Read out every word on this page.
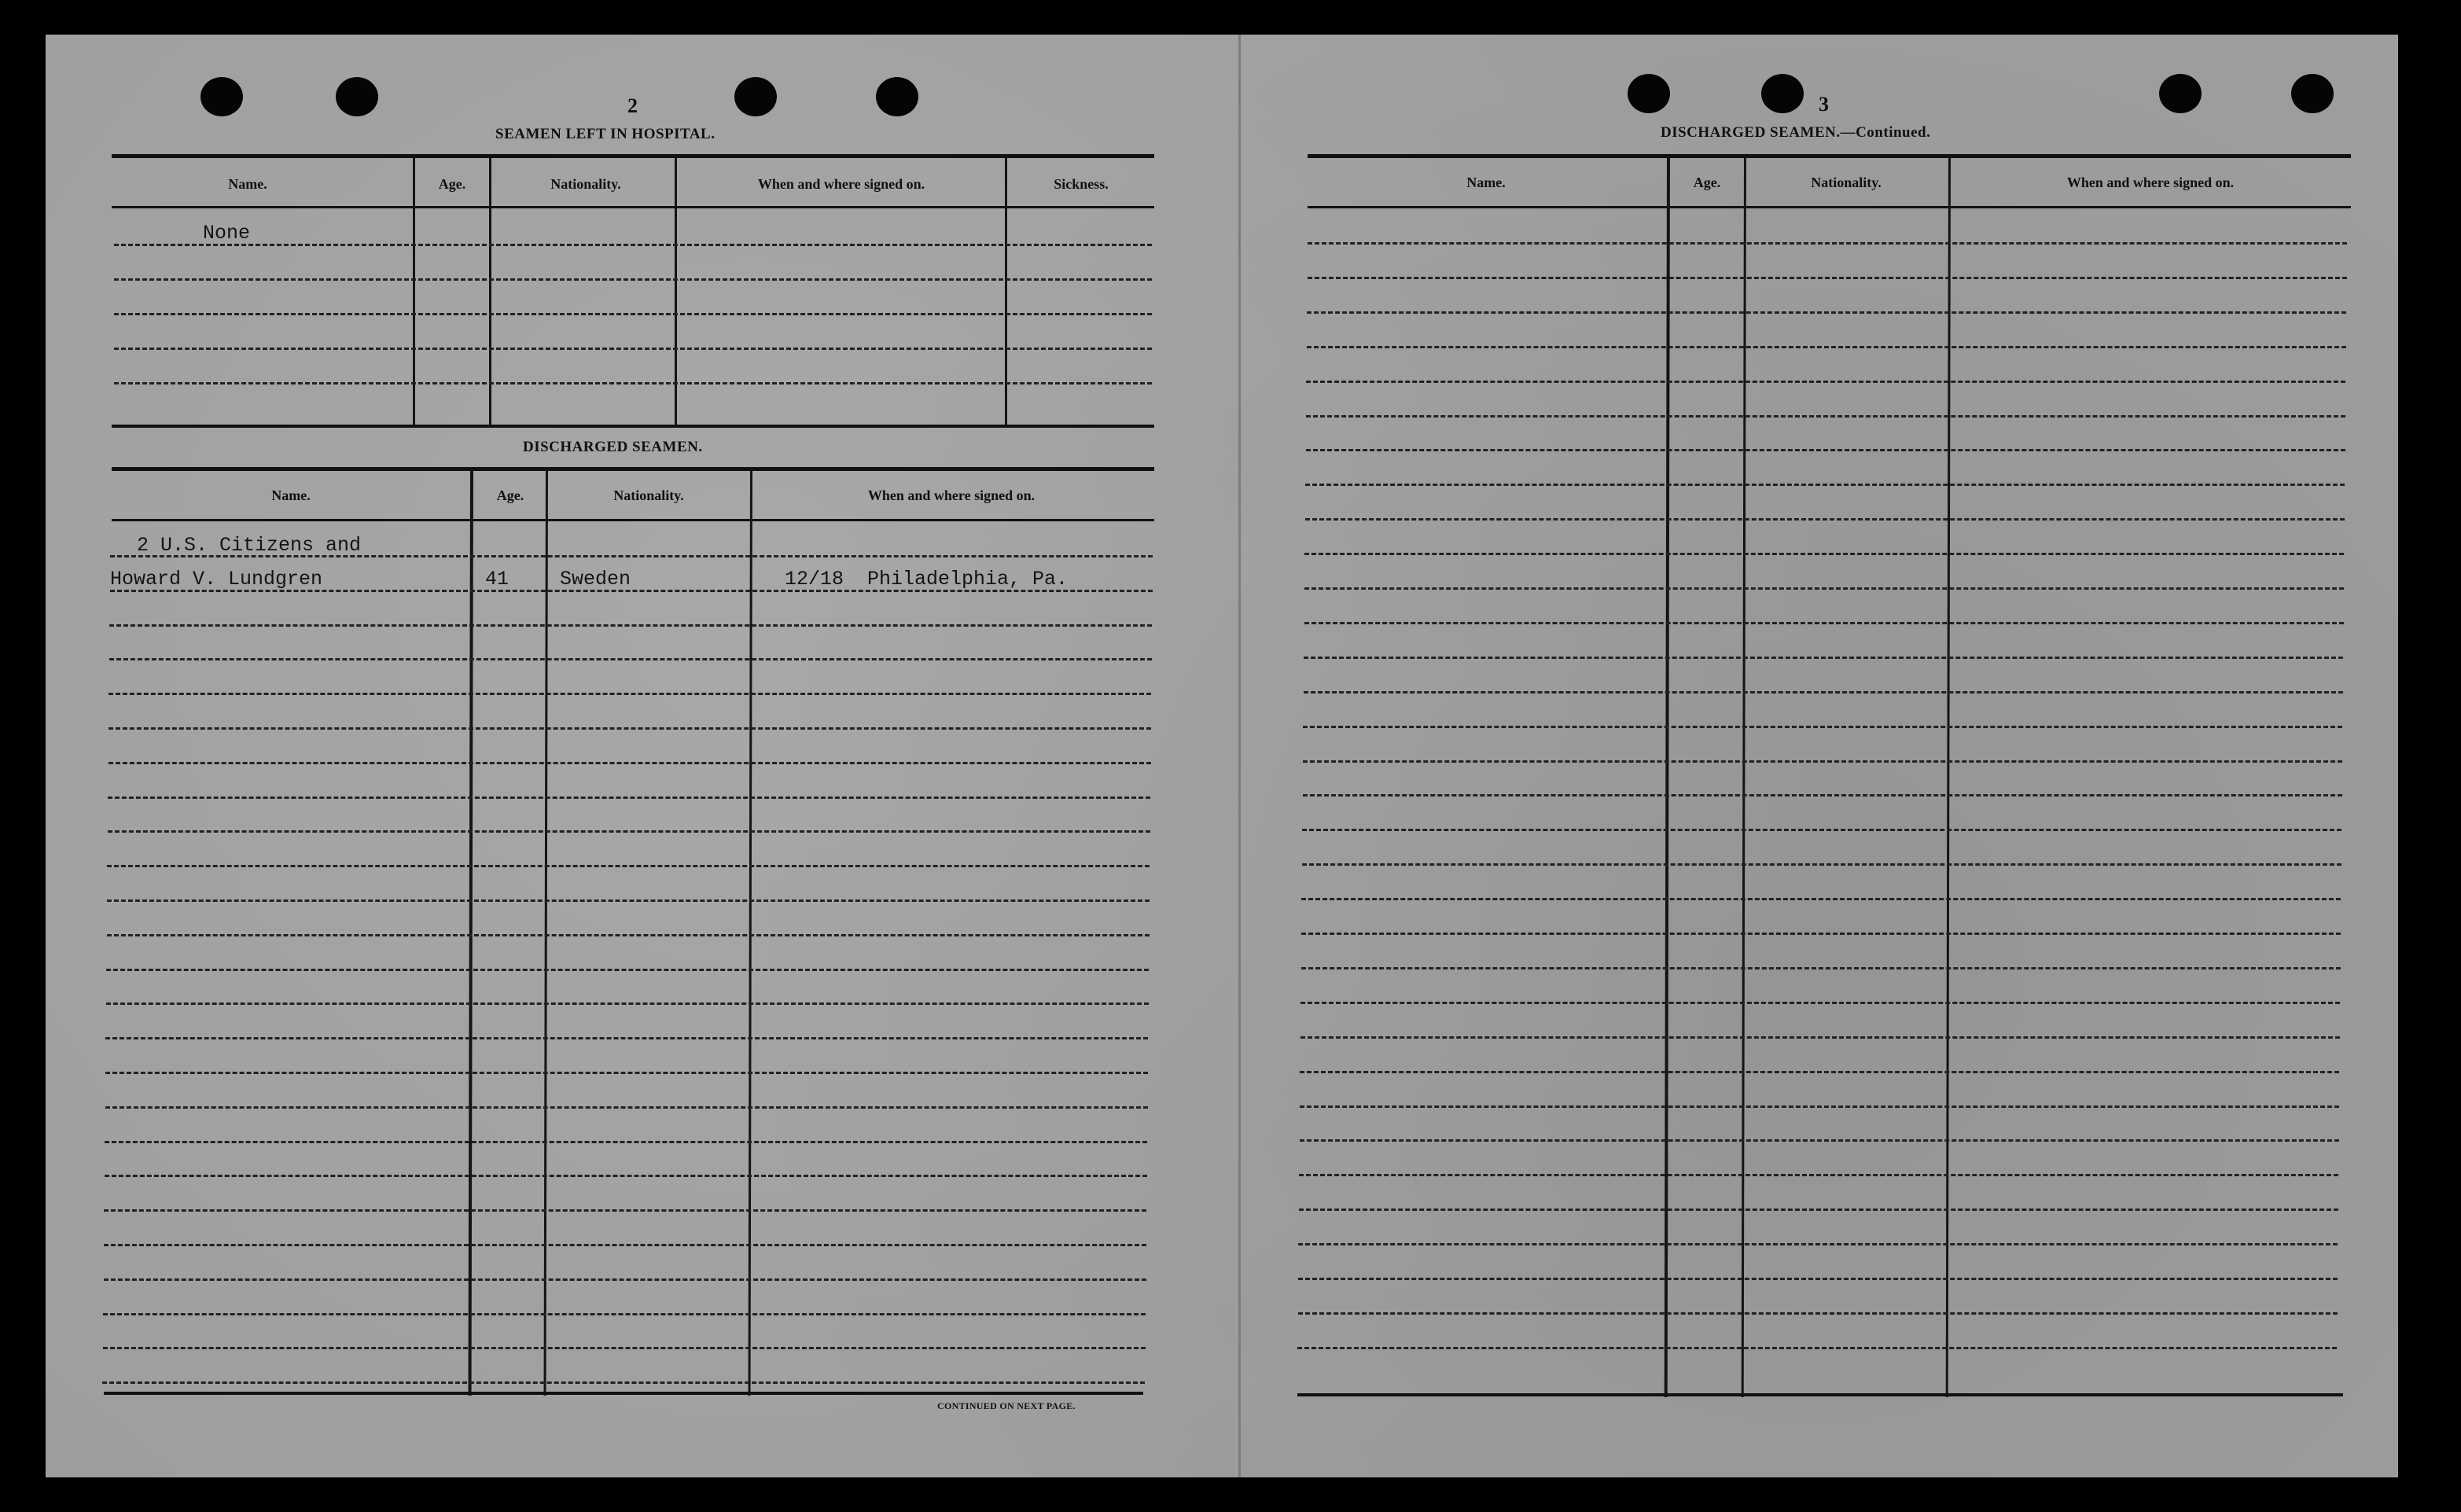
2
SEAMEN LEFT IN HOSPITAL.
Name.	Age.	Nationality.	When and where signed on.	Sickness.
None
DISCHARGED SEAMEN.
Name.	Age.	Nationality.	When and where signed on.
2 U.S. Citizens and
Howard V. Lundgren	41	Sweden	12/18  Philadelphia, Pa.
CONTINUED ON NEXT PAGE.
3
DISCHARGED SEAMEN.—Continued.
Name.	Age.	Nationality.	When and where signed on.
